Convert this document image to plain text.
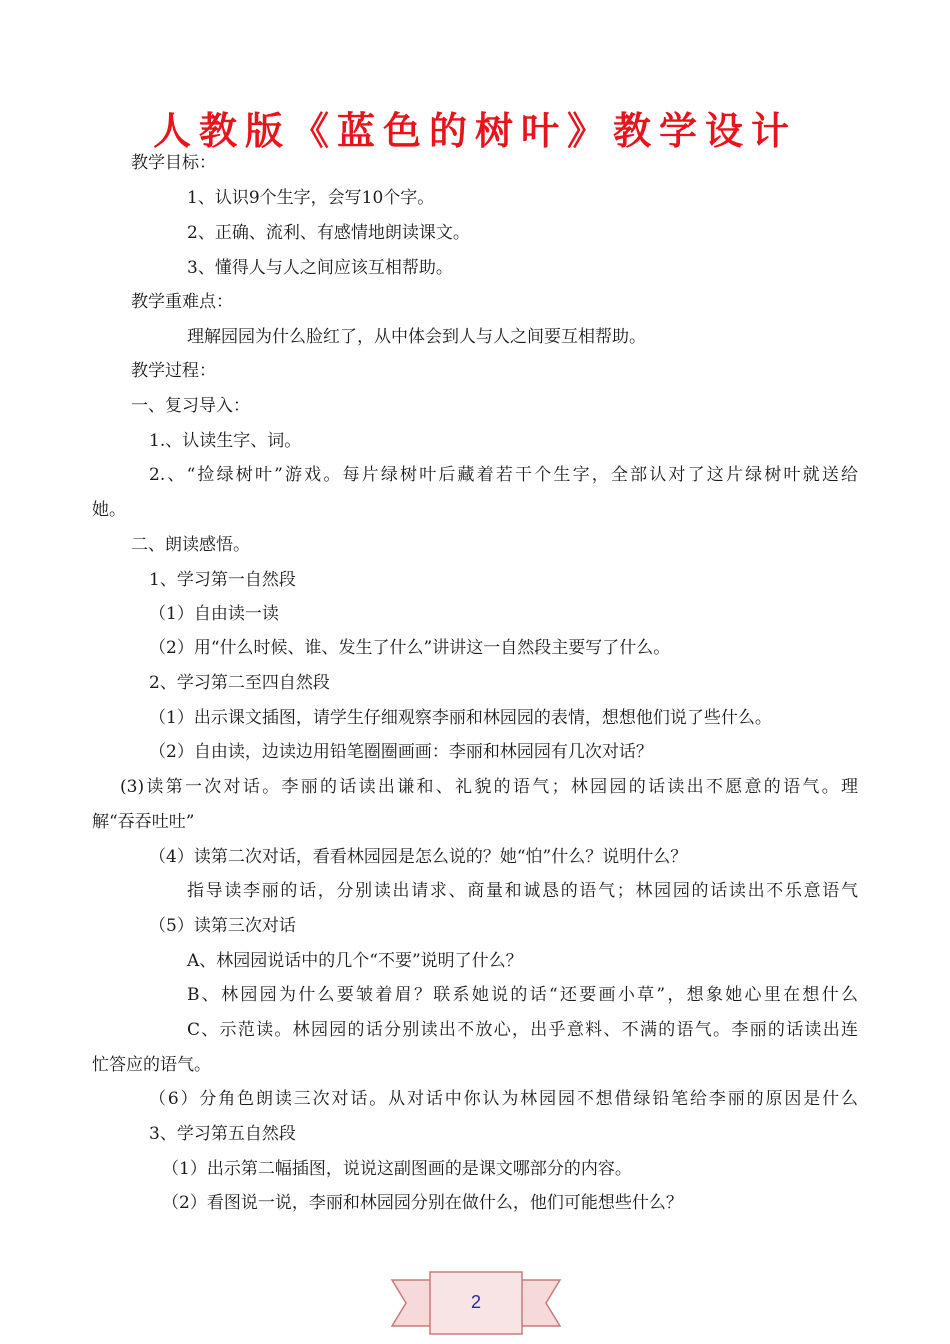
人教版《蓝色的树叶》教学设计
教学目标：
1、认识9个生字，会写10个字。
2、正确、流利、有感情地朗读课文。
3、懂得人与人之间应该互相帮助。
教学重难点：
理解园园为什么脸红了，从中体会到人与人之间要互相帮助。
教学过程：
一、复习导入：
1.、认读生字、词。
2.、“捡绿树叶”游戏。每片绿树叶后藏着若干个生字，全部认对了这片绿树叶就送给
她。
二、朗读感悟。
1、学习第一自然段
（1）自由读一读
（2）用“什么时候、谁、发生了什么”讲讲这一自然段主要写了什么。
2、学习第二至四自然段
（1）出示课文插图，请学生仔细观察李丽和林园园的表情，想想他们说了些什么。
（2）自由读，边读边用铅笔圈圈画画：李丽和林园园有几次对话？
(3)读第一次对话。李丽的话读出谦和、礼貌的语气；林园园的话读出不愿意的语气。理
解“吞吞吐吐”
（4）读第二次对话，看看林园园是怎么说的？她“怕”什么？说明什么？
指导读李丽的话，分别读出请求、商量和诚恳的语气；林园园的话读出不乐意语气
（5）读第三次对话
A、林园园说话中的几个“不要”说明了什么？
B、林园园为什么要皱着眉？联系她说的话“还要画小草”，想象她心里在想什么
C、示范读。林园园的话分别读出不放心，出乎意料、不满的语气。李丽的话读出连
忙答应的语气。
（6）分角色朗读三次对话。从对话中你认为林园园不想借绿铅笔给李丽的原因是什么
3、学习第五自然段
（1）出示第二幅插图，说说这副图画的是课文哪部分的内容。
（2）看图说一说，李丽和林园园分别在做什么，他们可能想些什么？
2
